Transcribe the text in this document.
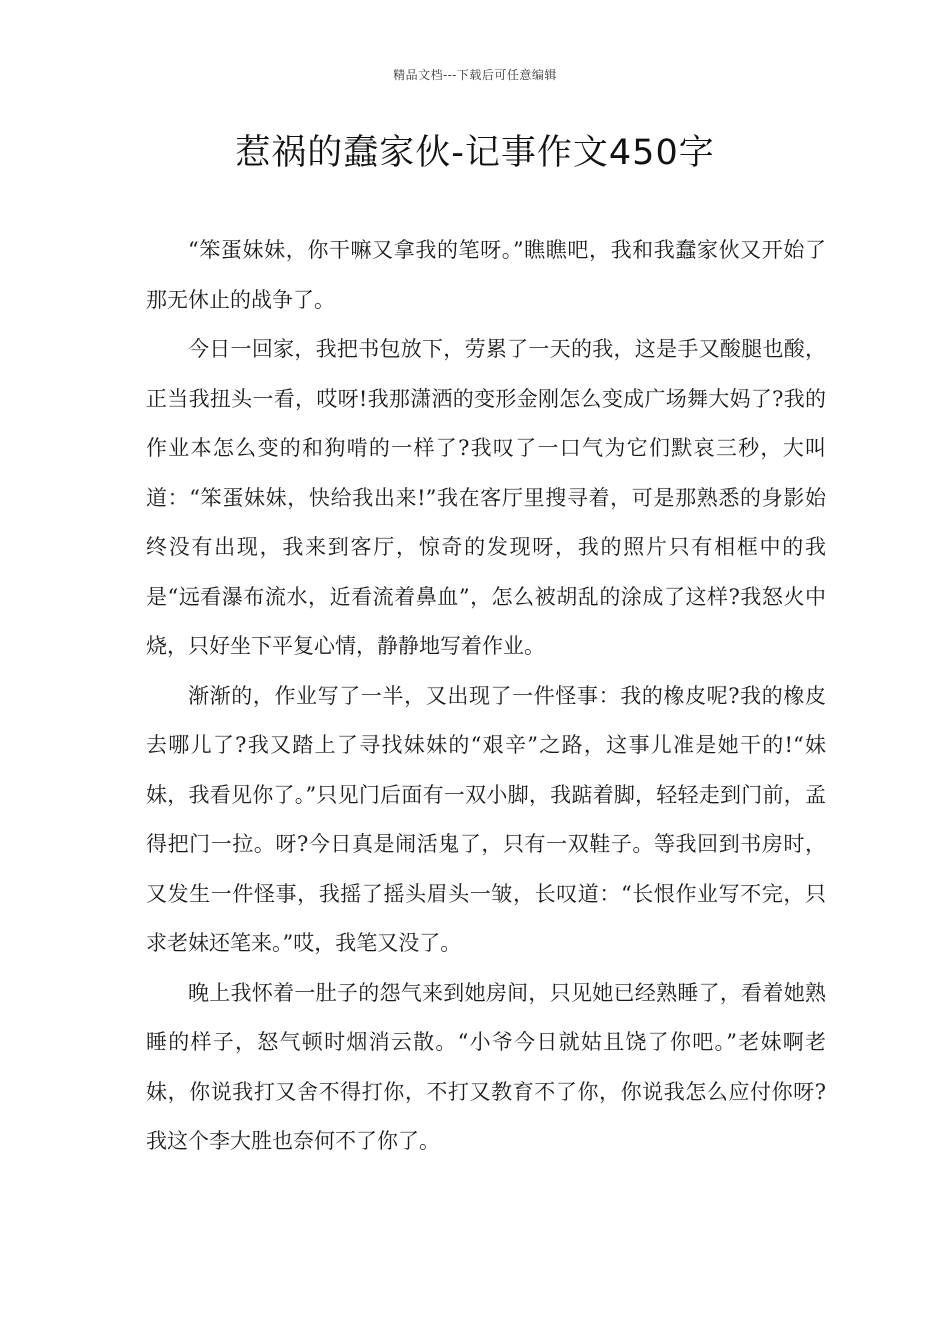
精品文档---下载后可任意编辑
惹祸的蠢家伙-记事作文450字

“笨蛋妹妹，你干嘛又拿我的笔呀。”瞧瞧吧，我和我蠢家伙又开始了那无休止的战争了。

今日一回家，我把书包放下，劳累了一天的我，这是手又酸腿也酸，正当我扭头一看，哎呀!我那潇洒的变形金刚怎么变成广场舞大妈了?我的作业本怎么变的和狗啃的一样了?我叹了一口气为它们默哀三秒，大叫道：“笨蛋妹妹，快给我出来!”我在客厅里搜寻着，可是那熟悉的身影始终没有出现，我来到客厅，惊奇的发现呀，我的照片只有相框中的我是“远看瀑布流水，近看流着鼻血”，怎么被胡乱的涂成了这样?我怒火中烧，只好坐下平复心情，静静地写着作业。

渐渐的，作业写了一半，又出现了一件怪事：我的橡皮呢?我的橡皮去哪儿了?我又踏上了寻找妹妹的“艰辛”之路，这事儿准是她干的!“妹妹，我看见你了。”只见门后面有一双小脚，我踮着脚，轻轻走到门前，孟得把门一拉。呀?今日真是闹活鬼了，只有一双鞋子。等我回到书房时，又发生一件怪事，我摇了摇头眉头一皱，长叹道：“长恨作业写不完，只求老妹还笔来。”哎，我笔又没了。

晚上我怀着一肚子的怨气来到她房间，只见她已经熟睡了，看着她熟睡的样子，怒气顿时烟消云散。“小爷今日就姑且饶了你吧。”老妹啊老妹，你说我打又舍不得打你，不打又教育不了你，你说我怎么应付你呀?我这个李大胜也奈何不了你了。
